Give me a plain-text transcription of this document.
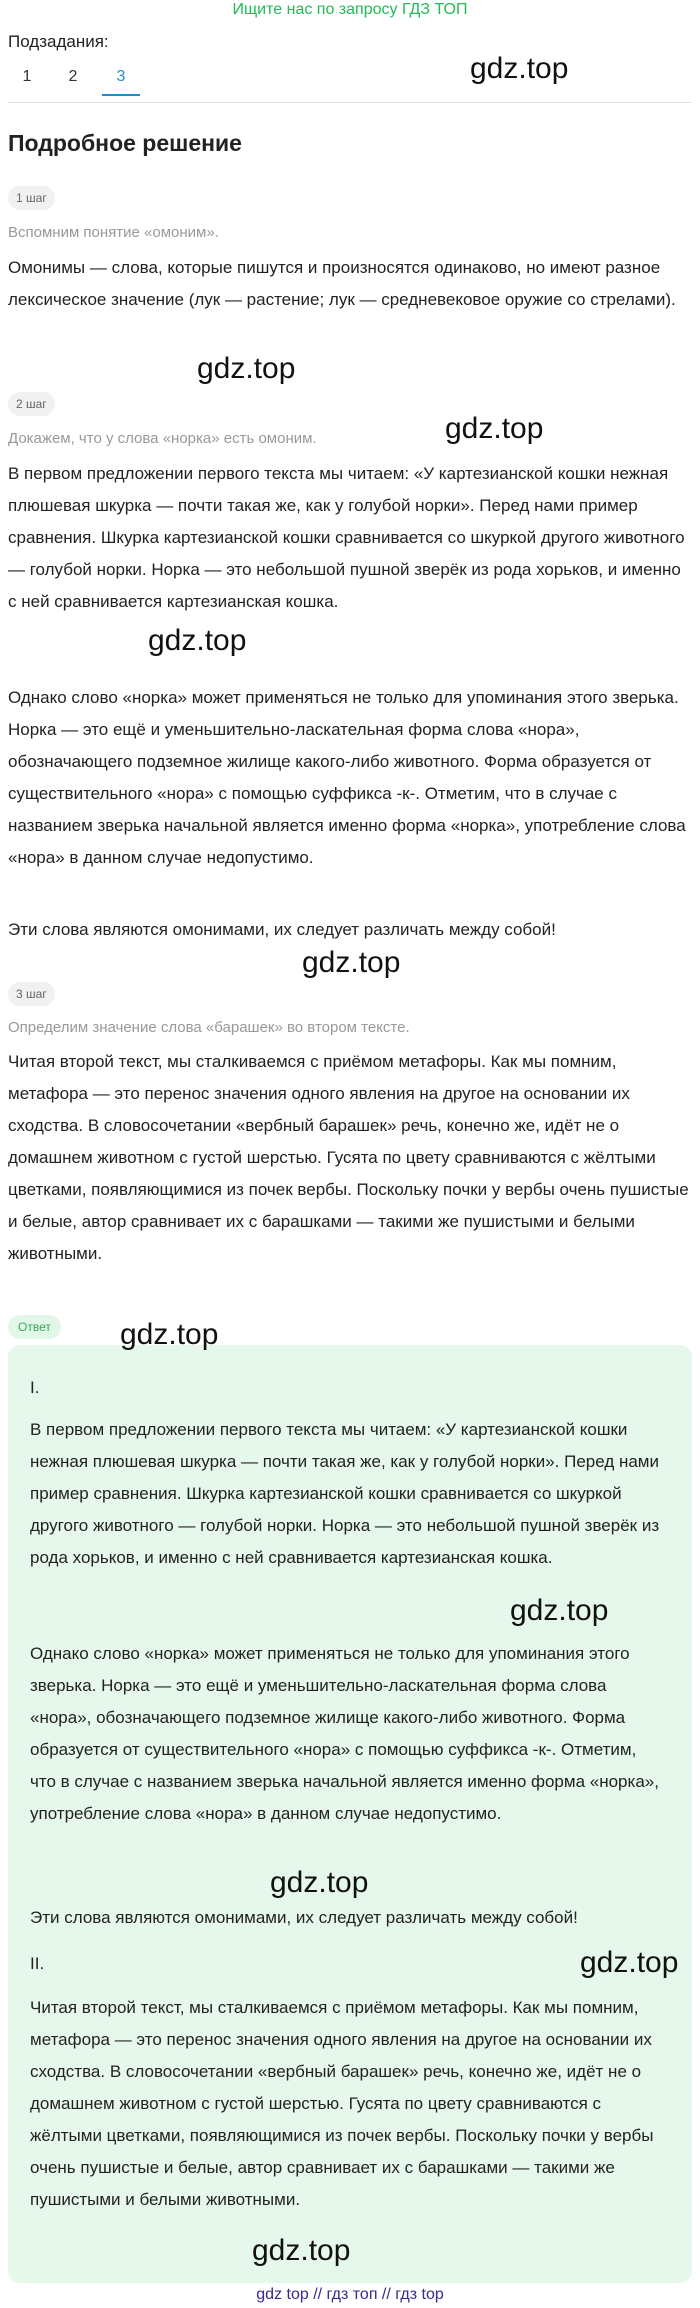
Ищите нас по запросу ГДЗ ТОП
Подзадания:
1	2	3
Подробное решение
1 шаг
Вспомним понятие «омоним».
Омонимы — слова, которые пишутся и произносятся одинаково, но имеют разное лексическое значение (лук — растение; лук — средневековое оружие со стрелами).
2 шаг
Докажем, что у слова «норка» есть омоним.
В первом предложении первого текста мы читаем: «У картезианской кошки нежная плюшевая шкурка — почти такая же, как у голубой норки». Перед нами пример сравнения. Шкурка картезианской кошки сравнивается со шкуркой другого животного — голубой норки. Норка — это небольшой пушной зверёк из рода хорьков, и именно с ней сравнивается картезианская кошка.
Однако слово «норка» может применяться не только для упоминания этого зверька. Норка — это ещё и уменьшительно-ласкательная форма слова «нора», обозначающего подземное жилище какого-либо животного. Форма образуется от существительного «нора» с помощью суффикса -к-. Отметим, что в случае с названием зверька начальной является именно форма «норка», употребление слова «нора» в данном случае недопустимо.
Эти слова являются омонимами, их следует различать между собой!
3 шаг
Определим значение слова «барашек» во втором тексте.
Читая второй текст, мы сталкиваемся с приёмом метафоры. Как мы помним, метафора — это перенос значения одного явления на другое на основании их сходства. В словосочетании «вербный барашек» речь, конечно же, идёт не о домашнем животном с густой шерстью. Гусята по цвету сравниваются с жёлтыми цветками, появляющимися из почек вербы. Поскольку почки у вербы очень пушистые и белые, автор сравнивает их с барашками — такими же пушистыми и белыми животными.
Ответ
I.
В первом предложении первого текста мы читаем: «У картезианской кошки нежная плюшевая шкурка — почти такая же, как у голубой норки». Перед нами пример сравнения. Шкурка картезианской кошки сравнивается со шкуркой другого животного — голубой норки. Норка — это небольшой пушной зверёк из рода хорьков, и именно с ней сравнивается картезианская кошка.
Однако слово «норка» может применяться не только для упоминания этого зверька. Норка — это ещё и уменьшительно-ласкательная форма слова «нора», обозначающего подземное жилище какого-либо животного. Форма образуется от существительного «нора» с помощью суффикса -к-. Отметим, что в случае с названием зверька начальной является именно форма «норка», употребление слова «нора» в данном случае недопустимо.
Эти слова являются омонимами, их следует различать между собой!
II.
Читая второй текст, мы сталкиваемся с приёмом метафоры. Как мы помним, метафора — это перенос значения одного явления на другое на основании их сходства. В словосочетании «вербный барашек» речь, конечно же, идёт не о домашнем животном с густой шерстью. Гусята по цвету сравниваются с жёлтыми цветками, появляющимися из почек вербы. Поскольку почки у вербы очень пушистые и белые, автор сравнивает их с барашками — такими же пушистыми и белыми животными.
gdz.top
gdz.top
gdz.top
gdz.top
gdz.top
gdz.top
gdz.top
gdz.top
gdz.top
gdz.top
gdz top // гдз топ // гдз top
